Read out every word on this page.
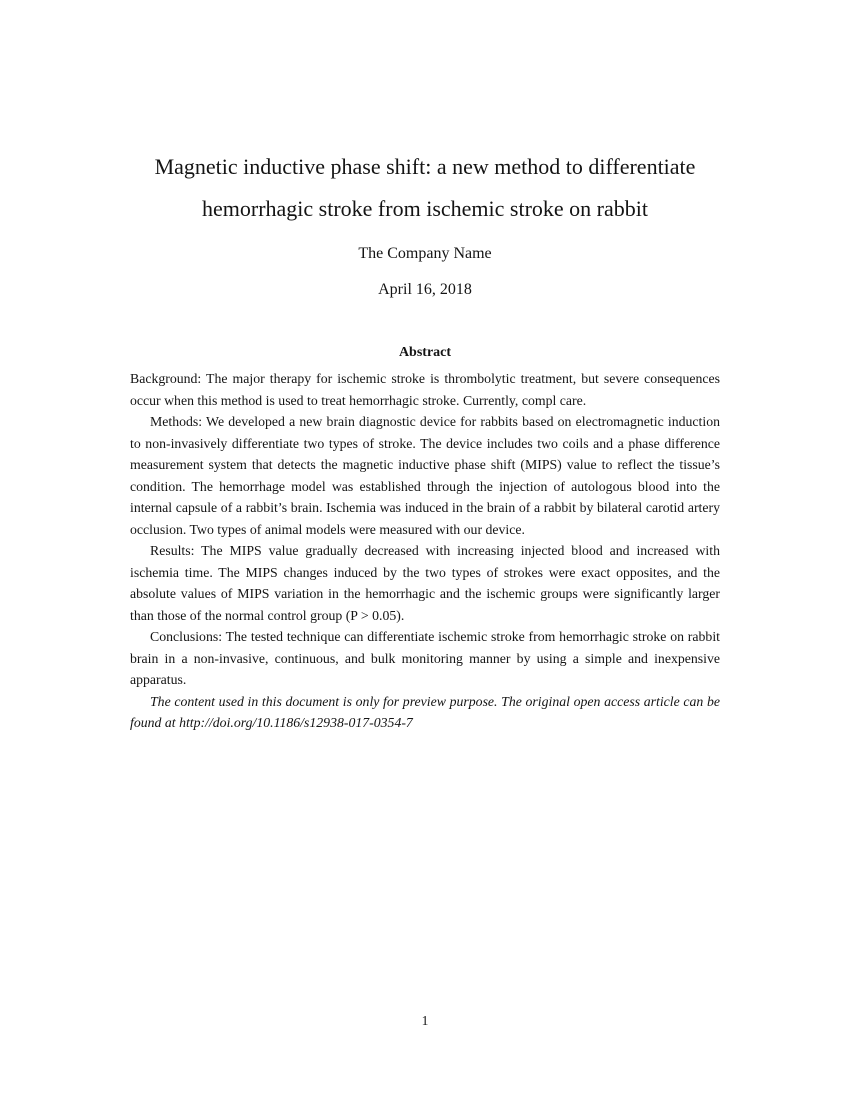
Magnetic inductive phase shift: a new method to differentiate hemorrhagic stroke from ischemic stroke on rabbit
The Company Name
April 16, 2018
Abstract

Background: The major therapy for ischemic stroke is thrombolytic treatment, but severe consequences occur when this method is used to treat hemorrhagic stroke. Currently, compl care.

Methods: We developed a new brain diagnostic device for rabbits based on electromagnetic induction to non-invasively differentiate two types of stroke. The device includes two coils and a phase difference measurement system that detects the magnetic inductive phase shift (MIPS) value to reflect the tissue’s condition. The hemorrhage model was established through the injection of autologous blood into the internal capsule of a rabbit’s brain. Ischemia was induced in the brain of a rabbit by bilateral carotid artery occlusion. Two types of animal models were measured with our device.

Results: The MIPS value gradually decreased with increasing injected blood and increased with ischemia time. The MIPS changes induced by the two types of strokes were exact opposites, and the absolute values of MIPS variation in the hemorrhagic and the ischemic groups were significantly larger than those of the normal control group (P > 0.05).

Conclusions: The tested technique can differentiate ischemic stroke from hemorrhagic stroke on rabbit brain in a non-invasive, continuous, and bulk monitoring manner by using a simple and inexpensive apparatus.

The content used in this document is only for preview purpose. The original open access article can be found at http://doi.org/10.1186/s12938-017-0354-7

1
